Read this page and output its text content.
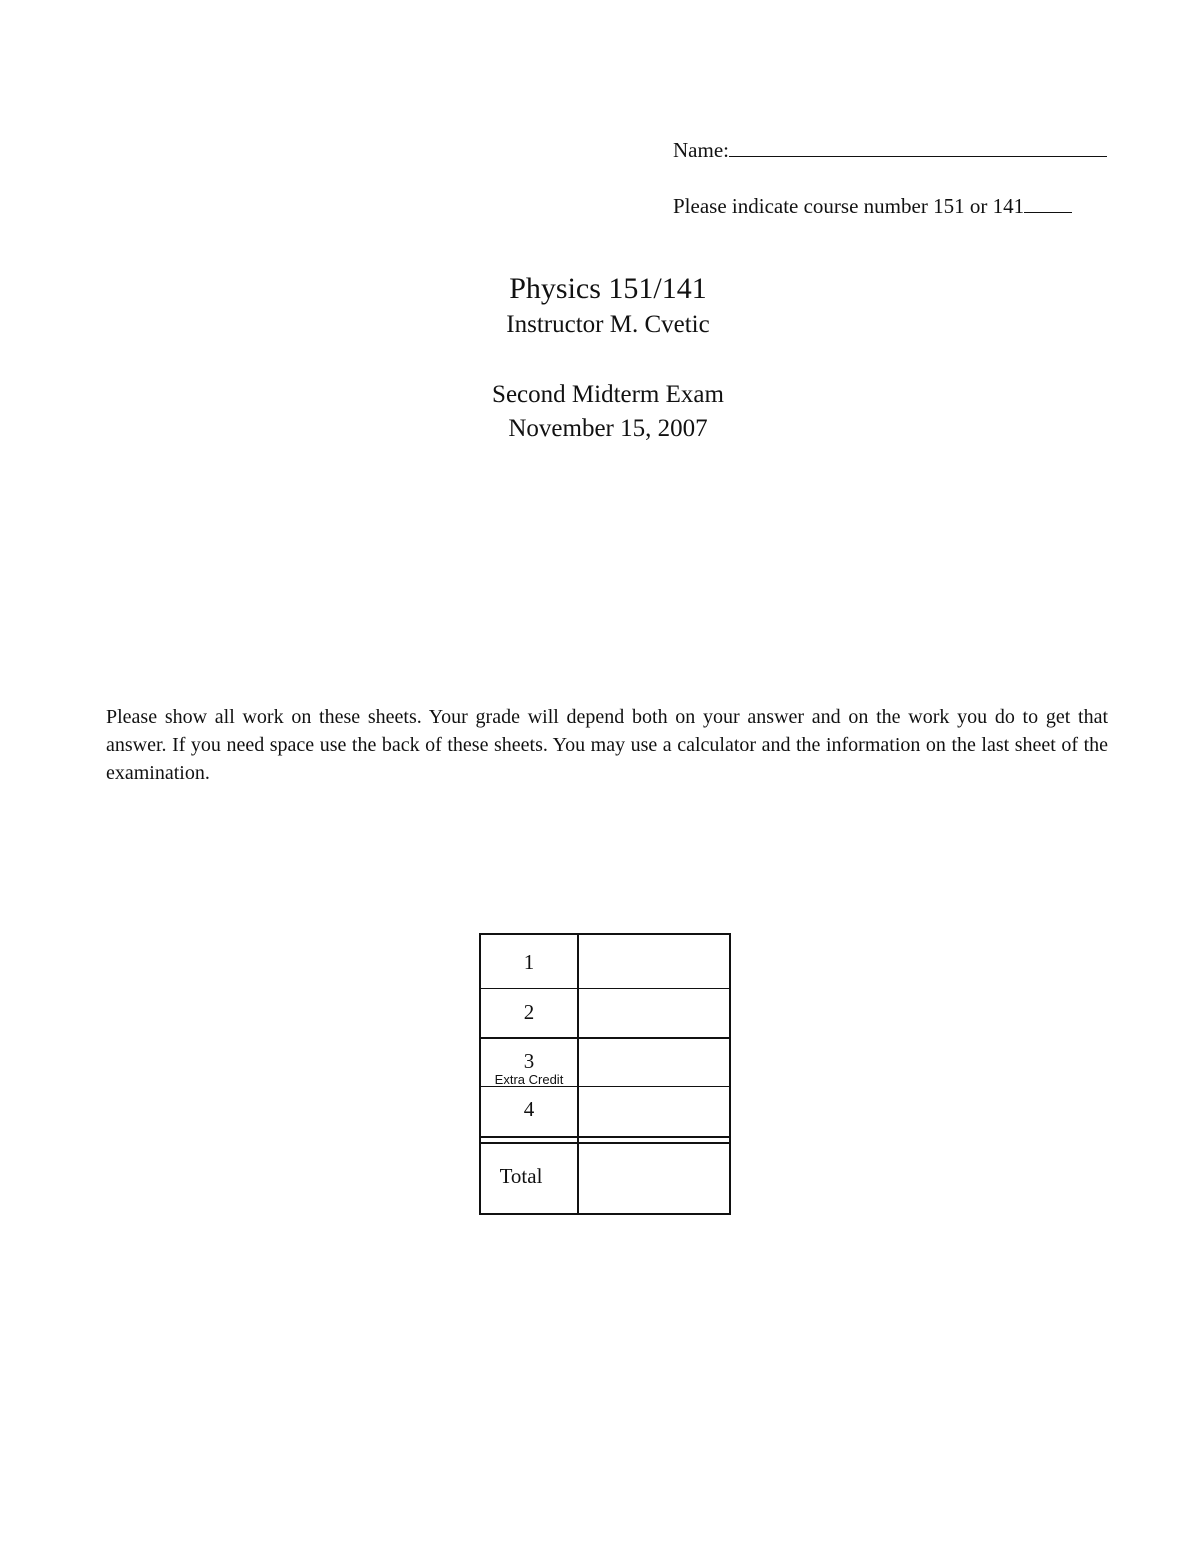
Name:
Please indicate course number 151 or 141
Physics 151/141
Instructor M. Cvetic
Second Midterm Exam
November 15, 2007
Please show all work on these sheets. Your grade will depend both on your answer and on the work you do to get that answer. If you need space use the back of these sheets. You may use a calculator and the information on the last sheet of the examination.
1
2
3
Extra Credit
4
Total
